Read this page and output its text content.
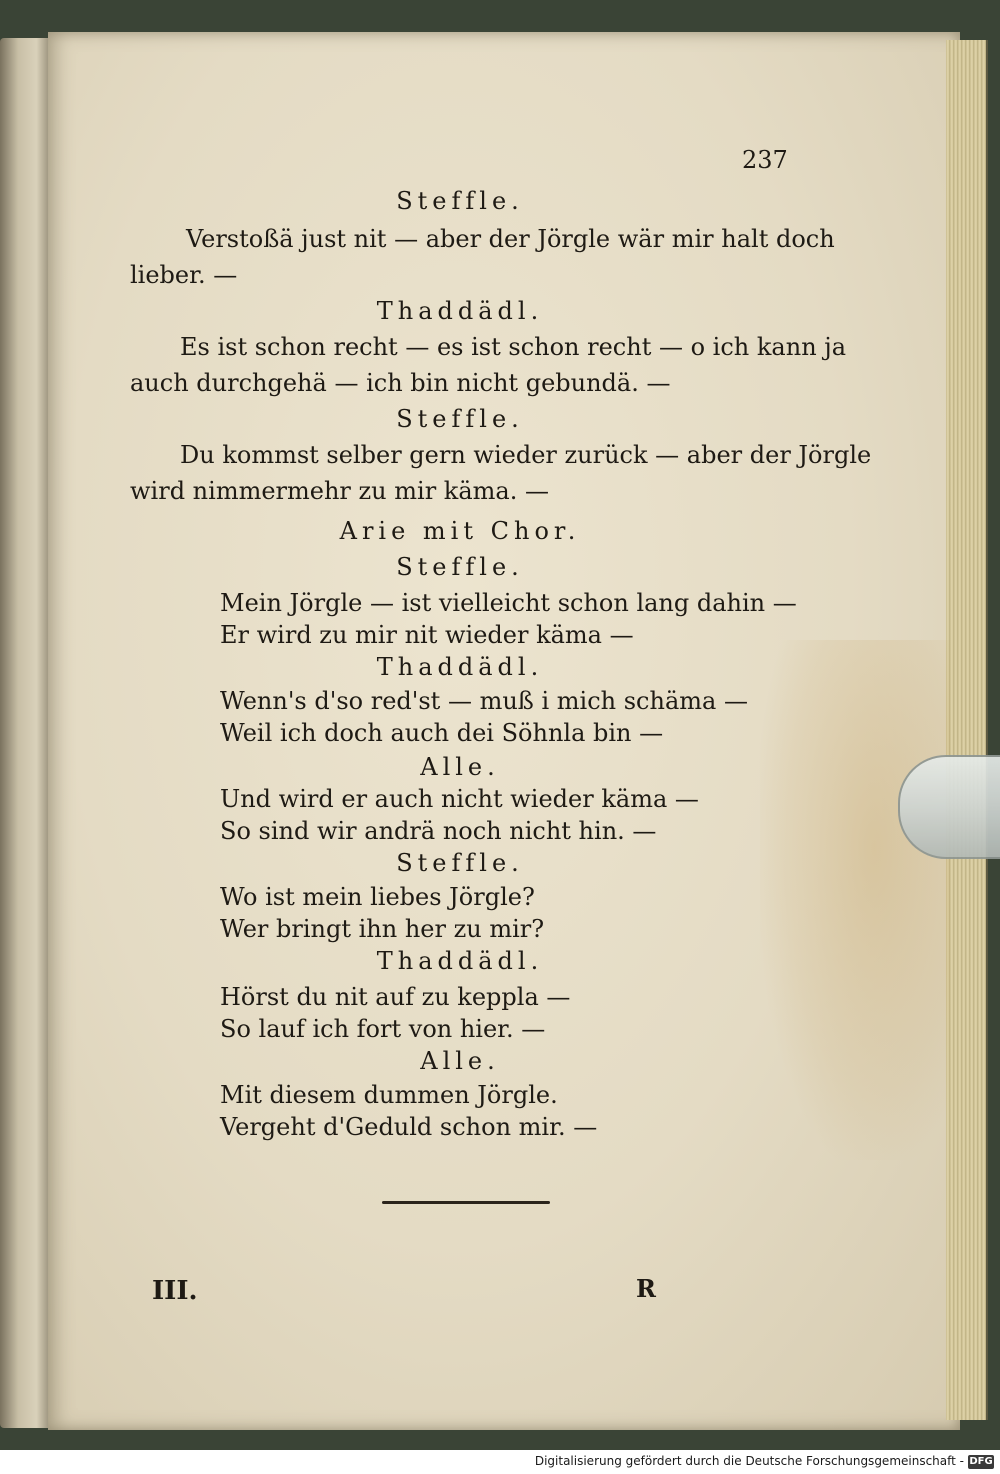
237
Steffle.
Verstoßä just nit — aber der Jörgle wär mir halt doch
lieber. —
Thaddädl.
Es ist schon recht — es ist schon recht — o ich kann ja
auch durchgehä — ich bin nicht gebundä. —
Steffle.
Du kommst selber gern wieder zurück — aber der Jörgle
wird nimmermehr zu mir käma. —
Arie mit Chor.
Steffle.
Mein Jörgle — ist vielleicht schon lang dahin —
Er wird zu mir nit wieder käma —
Thaddädl.
Wenn's d'so red'st — muß i mich schäma —
Weil ich doch auch dei Söhnla bin —
Alle.
Und wird er auch nicht wieder käma —
So sind wir andrä noch nicht hin. —
Steffle.
Wo ist mein liebes Jörgle?
Wer bringt ihn her zu mir?
Thaddädl.
Hörst du nit auf zu keppla —
So lauf ich fort von hier. —
Alle.
Mit diesem dummen Jörgle.
Vergeht d'Geduld schon mir. —
III.	R
Digitalisierung gefördert durch die Deutsche Forschungsgemeinschaft - DFG
